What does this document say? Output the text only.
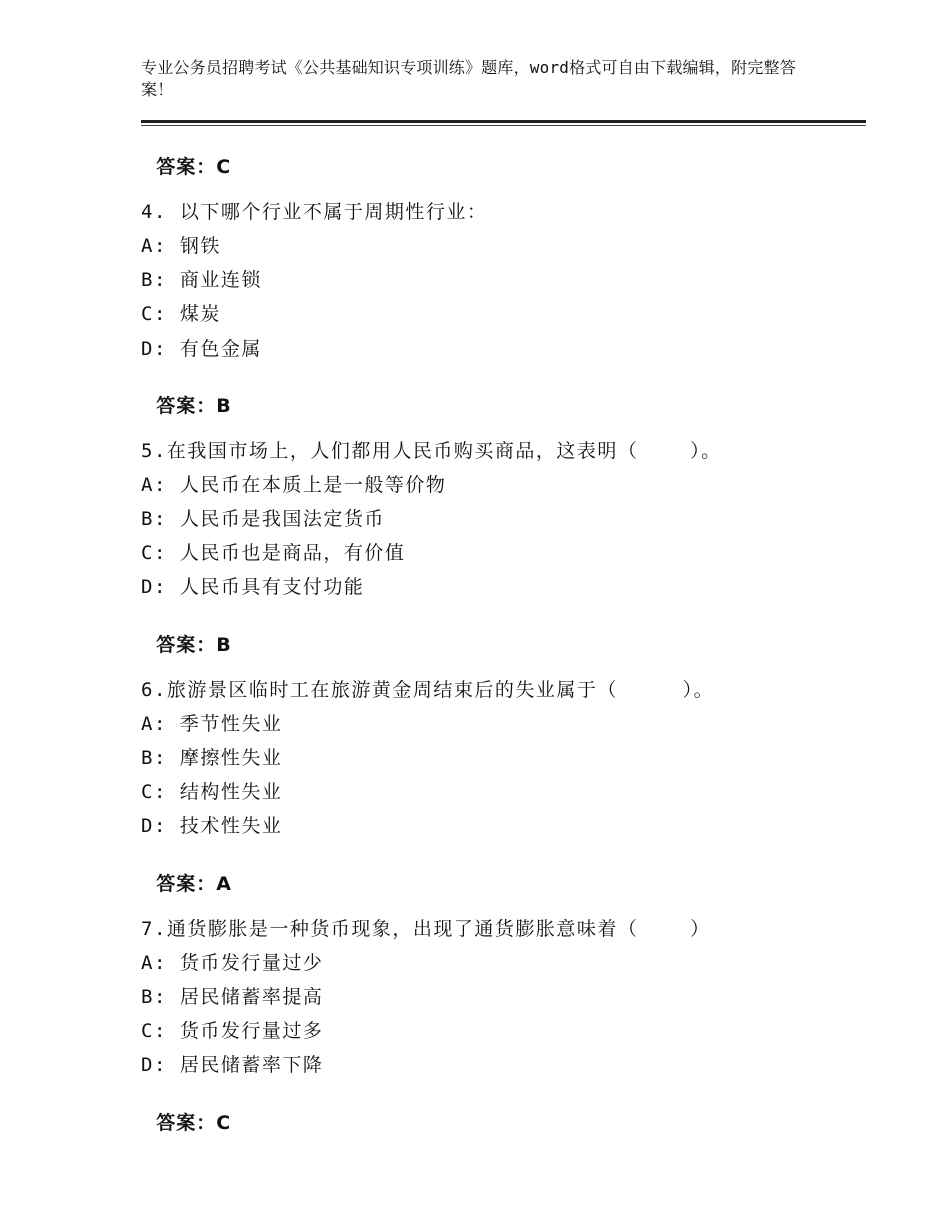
专业公务员招聘考试《公共基础知识专项训练》题库，word格式可自由下载编辑，附完整答案！

答案：C

4. 以下哪个行业不属于周期性行业：
A: 钢铁
B: 商业连锁
C: 煤炭
D: 有色金属

答案：B

5.在我国市场上，人们都用人民币购买商品，这表明（    ）。
A: 人民币在本质上是一般等价物
B: 人民币是我国法定货币
C: 人民币也是商品，有价值
D: 人民币具有支付功能

答案：B

6.旅游景区临时工在旅游黄金周结束后的失业属于（     ）。
A: 季节性失业
B: 摩擦性失业
C: 结构性失业
D: 技术性失业

答案：A

7.通货膨胀是一种货币现象，出现了通货膨胀意味着（    ）
A: 货币发行量过少
B: 居民储蓄率提高
C: 货币发行量过多
D: 居民储蓄率下降

答案：C
